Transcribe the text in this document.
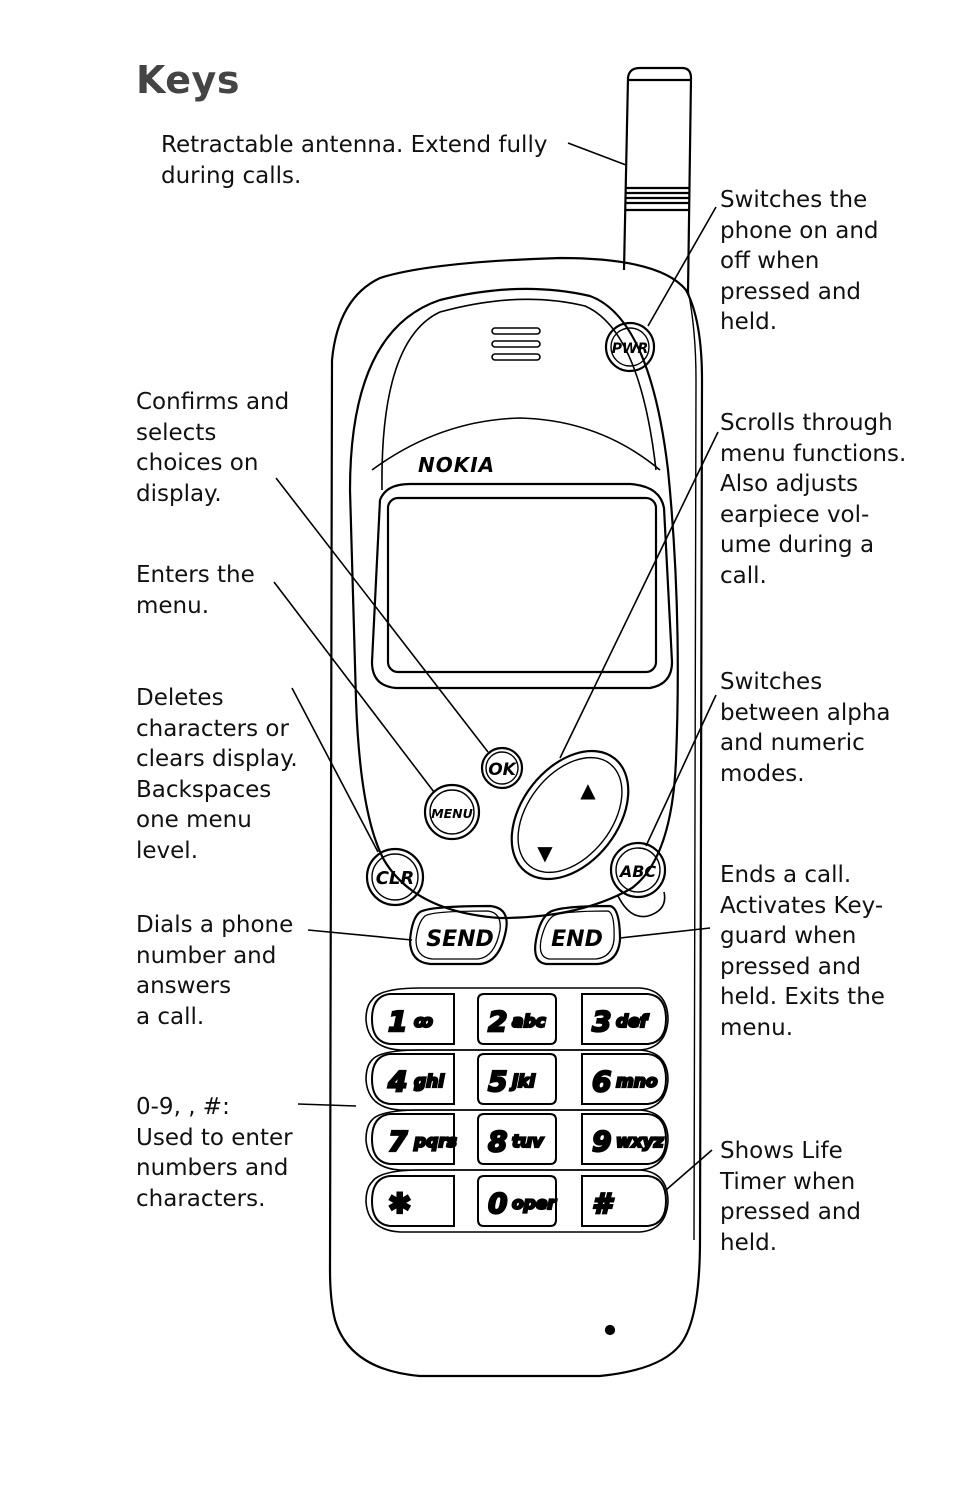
Keys
Retractable antenna. Extend fully
during calls.
Switches the
phone on and
off when
pressed and
held.
Confirms and
selects
choices on
display.
Enters the
menu.
Deletes
characters or
clears display.
Backspaces
one menu
level.
Dials a phone
number and
answers
a call.
0-9, , #:
Used to enter
numbers and
characters.
Scrolls through
menu functions.
Also adjusts
earpiece vol-
ume during a
call.
Switches
between alpha
and numeric
modes.
Ends a call.
Activates Key-
guard when
pressed and
held. Exits the
menu.
Shows Life
Timer when
pressed and
held.
1 ꝏ 2 abc 3 def
4 ghi 5 jkl 6 mno
7 pqrs 8 tuv 9 wxyz
✱	0 oper #
NOKIA
PWR
OK
MENU
CLR	ABC
SEND	END
▲
▼
